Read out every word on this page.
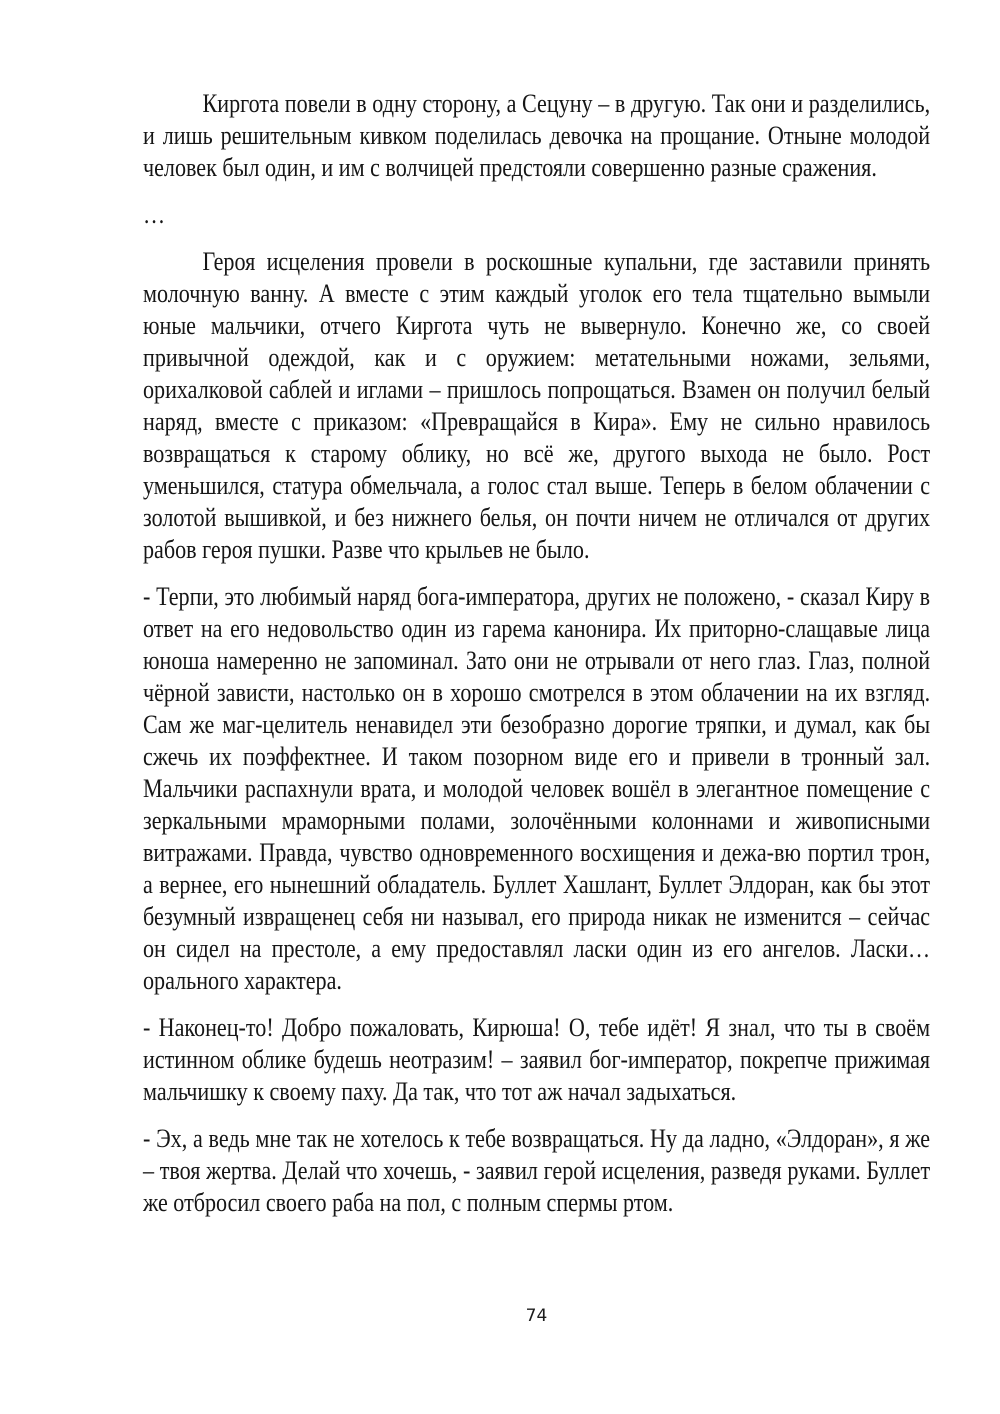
Киргота повели в одну сторону, а Сецуну – в другую. Так они и разделились, и лишь решительным кивком поделилась девочка на прощание. Отныне молодой человек был один, и им с волчицей предстояли совершенно разные сражения.

…

Героя исцеления провели в роскошные купальни, где заставили принять молочную ванну. А вместе с этим каждый уголок его тела тщательно вымыли юные мальчики, отчего Киргота чуть не вывернуло. Конечно же, со своей привычной одеждой, как и с оружием: метательными ножами, зельями, орихалковой саблей и иглами – пришлось попрощаться. Взамен он получил белый наряд, вместе с приказом: «Превращайся в Кира». Ему не сильно нравилось возвращаться к старому облику, но всё же, другого выхода не было. Рост уменьшился, статура обмельчала, а голос стал выше. Теперь в белом облачении с золотой вышивкой, и без нижнего белья, он почти ничем не отличался от других рабов героя пушки. Разве что крыльев не было.

- Терпи, это любимый наряд бога-императора, других не положено, - сказал Киру в ответ на его недовольство один из гарема канонира. Их приторно-слащавые лица юноша намеренно не запоминал. Зато они не отрывали от него глаз. Глаз, полной чёрной зависти, настолько он в хорошо смотрелся в этом облачении на их взгляд. Сам же маг-целитель ненавидел эти безобразно дорогие тряпки, и думал, как бы сжечь их поэффектнее. И таком позорном виде его и привели в тронный зал. Мальчики распахнули врата, и молодой человек вошёл в элегантное помещение с зеркальными мраморными полами, золочёнными колоннами и живописными витражами. Правда, чувство одновременного восхищения и дежа-вю портил трон, а вернее, его нынешний обладатель. Буллет Хашлант, Буллет Элдоран, как бы этот безумный извращенец себя ни называл, его природа никак не изменится – сейчас он сидел на престоле, а ему предоставлял ласки один из его ангелов. Ласки… орального характера.

- Наконец-то! Добро пожаловать, Кирюша! О, тебе идёт! Я знал, что ты в своём истинном облике будешь неотразим! – заявил бог-император, покрепче прижимая мальчишку к своему паху. Да так, что тот аж начал задыхаться.

- Эх, а ведь мне так не хотелось к тебе возвращаться. Ну да ладно, «Элдоран», я же – твоя жертва. Делай что хочешь, - заявил герой исцеления, разведя руками. Буллет же отбросил своего раба на пол, с полным спермы ртом.

74
